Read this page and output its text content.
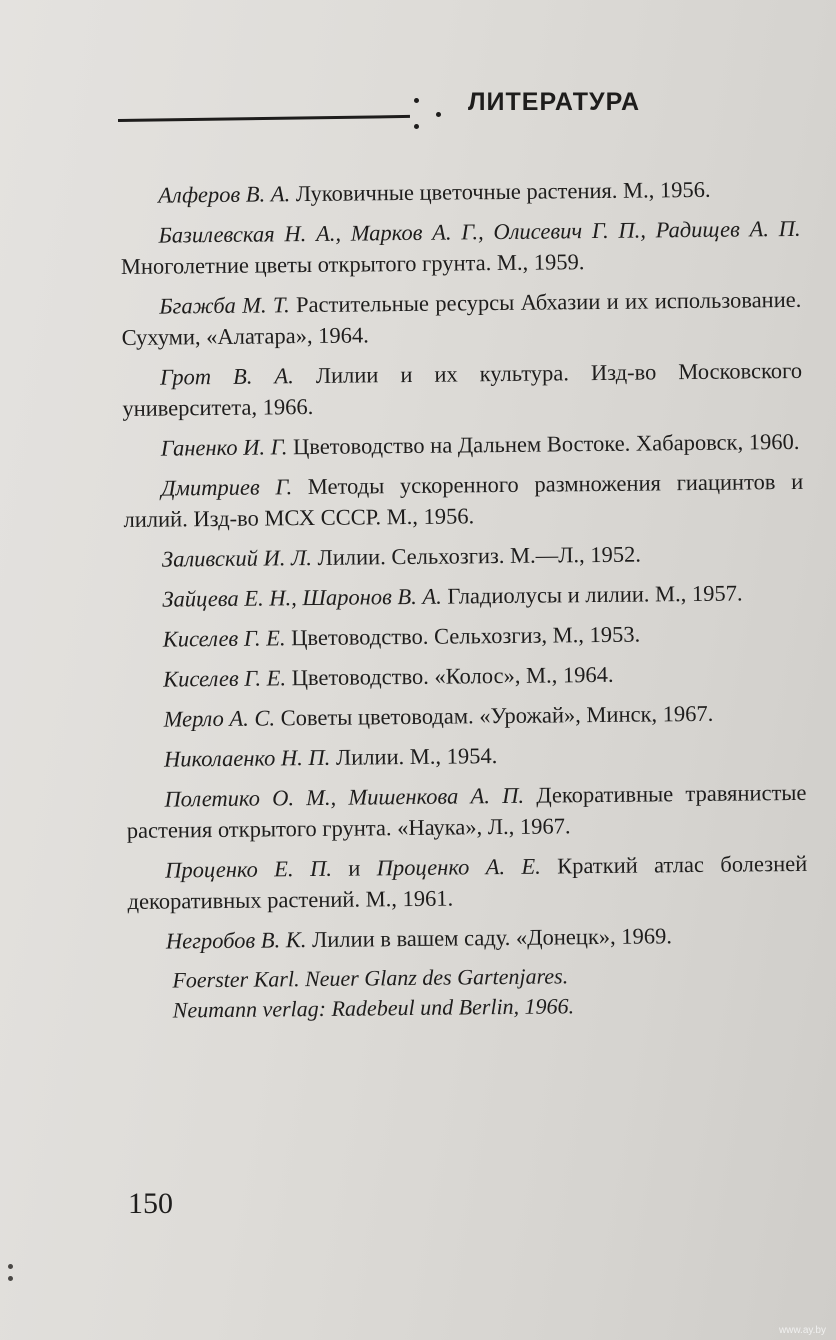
ЛИТЕРАТУРА

Алферов В. А. Луковичные цветочные растения. М., 1956.

Базилевская Н. А., Марков А. Г., Олисевич Г. П., Радищев А. П. Многолетние цветы открытого грунта. М., 1959.

Бгажба М. Т. Растительные ресурсы Абхазии и их использование. Сухуми, «Алатара», 1964.

Грот В. А. Лилии и их культура. Изд-во Московского университета, 1966.

Ганенко И. Г. Цветоводство на Дальнем Востоке. Хабаровск, 1960.

Дмитриев Г. Методы ускоренного размножения гиацинтов и лилий. Изд-во МСХ СССР. М., 1956.

Заливский И. Л. Лилии. Сельхозгиз. М.—Л., 1952.

Зайцева Е. Н., Шаронов В. А. Гладиолусы и лилии. М., 1957.

Киселев Г. Е. Цветоводство. Сельхозгиз, М., 1953.

Киселев Г. Е. Цветоводство. «Колос», М., 1964.

Мерло А. С. Советы цветоводам. «Урожай», Минск, 1967.

Николаенко Н. П. Лилии. М., 1954.

Полетико О. М., Мишенкова А. П. Декоративные травянистые растения открытого грунта. «Наука», Л., 1967.

Проценко Е. П. и Проценко А. Е. Краткий атлас болезней декоративных растений. М., 1961.

Негробов В. К. Лилии в вашем саду. «Донецк», 1969.

Foerster Karl. Neuer Glanz des Gartenjares.
Neumann verlag: Radebeul und Berlin, 1966.
150
www.ay.by
